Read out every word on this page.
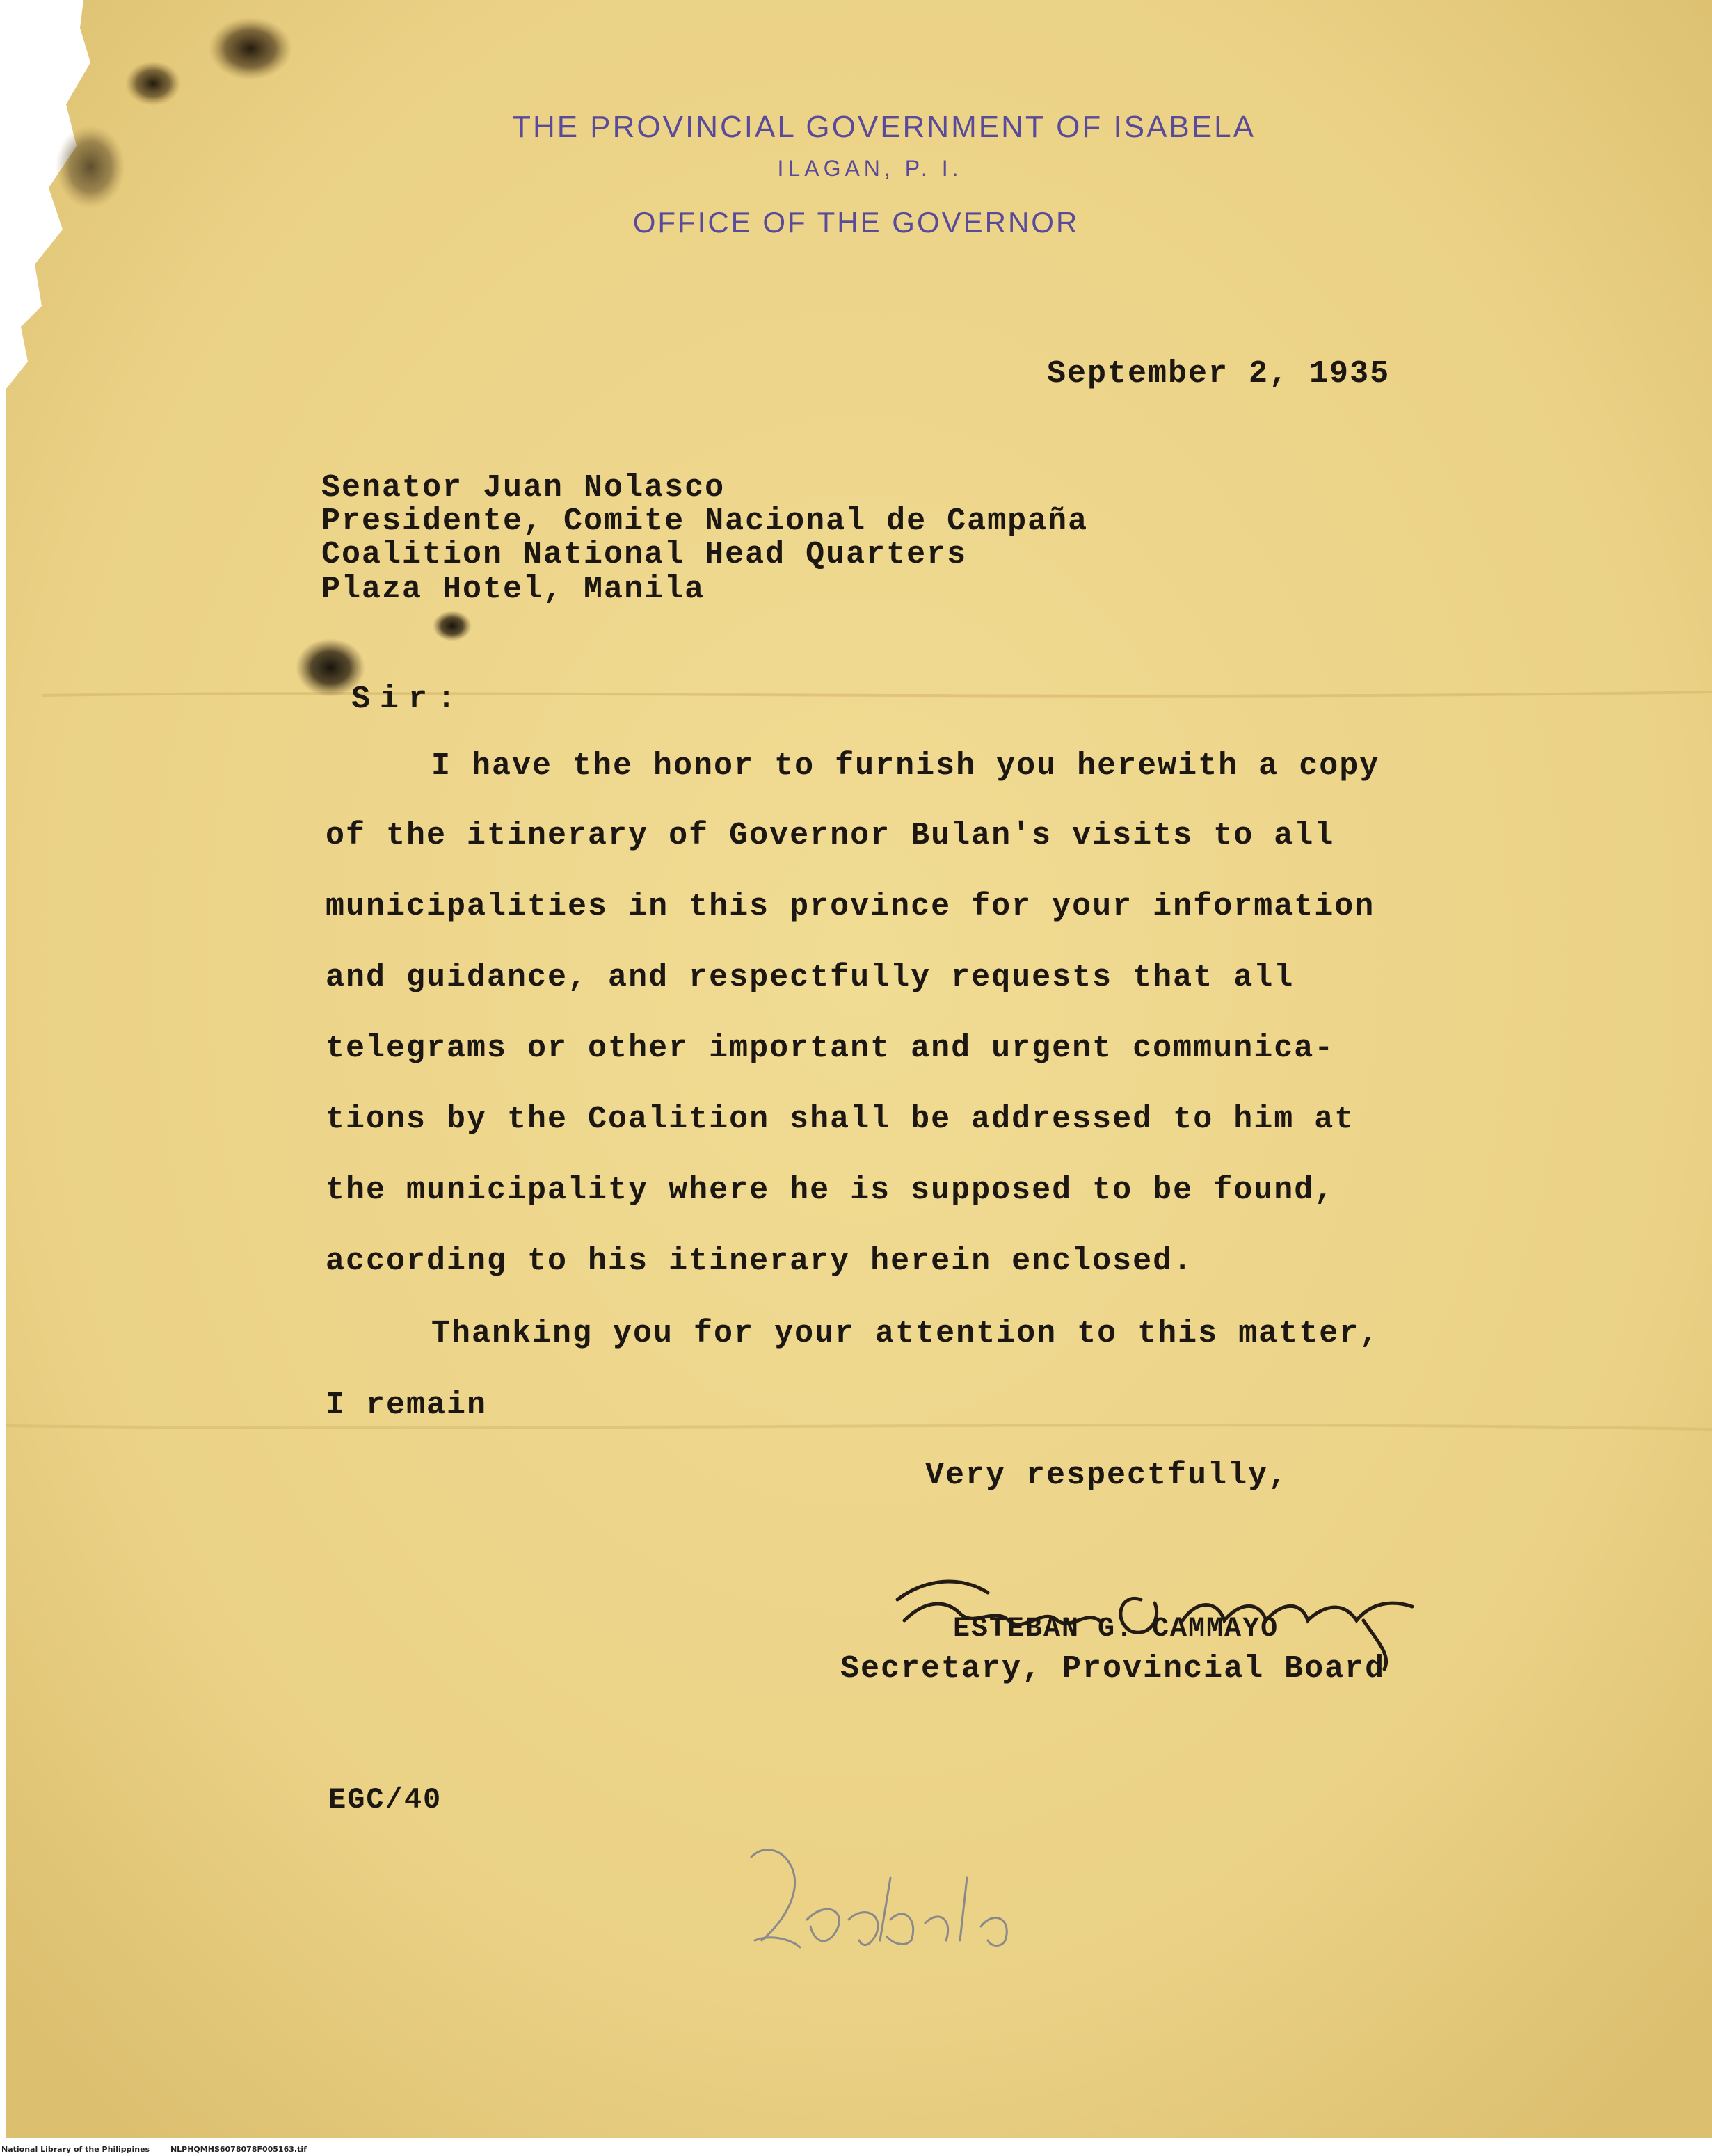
THE PROVINCIAL GOVERNMENT OF ISABELA
ILAGAN, P. I.
OFFICE OF THE GOVERNOR
September 2, 1935
Senator Juan Nolasco
Presidente, Comite Nacional de Campaña
Coalition National Head Quarters
Plaza Hotel, Manila
Sir:
I have the honor to furnish you herewith a copy
of the itinerary of Governor Bulan's visits to all
municipalities in this province for your information
and guidance, and respectfully requests that all
telegrams or other important and urgent communica-
tions by the Coalition shall be addressed to him at
the municipality where he is supposed to be found,
according to his itinerary herein enclosed.
Thanking you for your attention to this matter,
I remain
Very respectfully,
ESTEBAN G. CAMMAYO
Secretary, Provincial Board
EGC/40
National Library of the Philippines	NLPHQMHS6078078F005163.tif
